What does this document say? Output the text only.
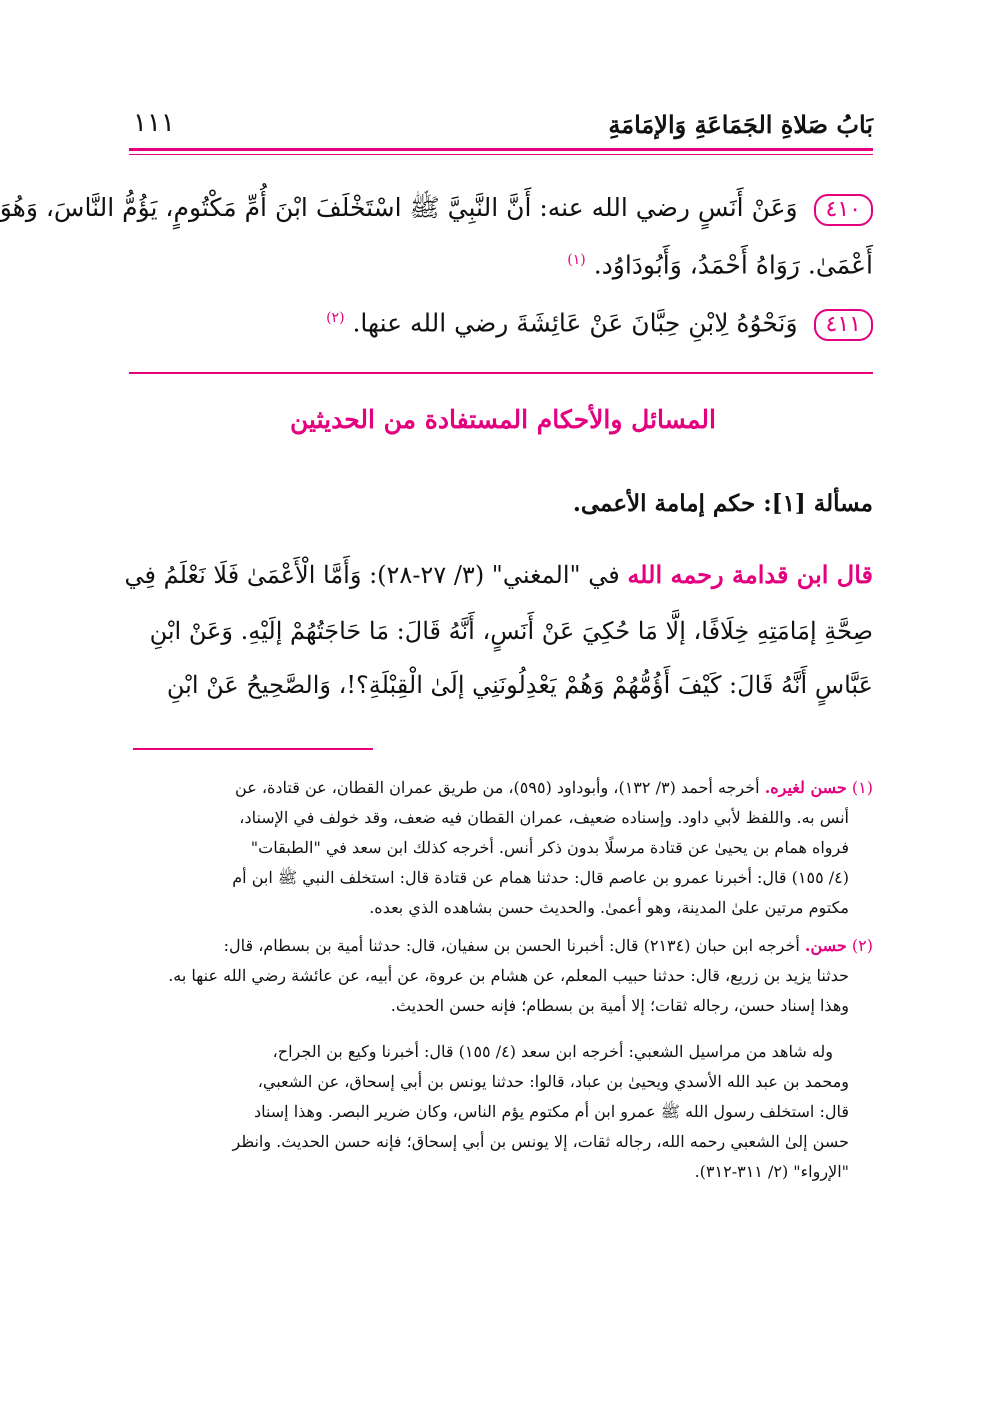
بَابُ صَلاةِ الجَمَاعَةِ وَالإمَامَةِ
١١١
٤١٠ وَعَنْ أَنَسٍ رضي الله عنه: أَنَّ النَّبِيَّ ﷺ اسْتَخْلَفَ ابْنَ أُمِّ مَكْتُومٍ، يَؤُمُّ النَّاسَ، وَهُوَ
أَعْمَىٰ. رَوَاهُ أَحْمَدُ، وَأَبُودَاوُد. $^{(١)}$
٤١١ وَنَحْوُهُ لِابْنِ حِبَّانَ عَنْ عَائِشَةَ رضي الله عنها. $^{(٢)}$
المسائل والأحكام المستفادة من الحديثين
مسألة [١]: حكم إمامة الأعمى.
قال ابن قدامة رحمه الله في "المغني" (٣/ ٢٧-٢٨): وَأَمَّا الْأَعْمَىٰ فَلَا نَعْلَمُ فِي
صِحَّةِ إمَامَتِهِ خِلَافًا، إلَّا مَا حُكِيَ عَنْ أَنَسٍ، أَنَّهُ قَالَ: مَا حَاجَتُهُمْ إلَيْهِ. وَعَنْ ابْنِ
عَبَّاسٍ أَنَّهُ قَالَ: كَيْفَ أَؤُمُّهُمْ وَهُمْ يَعْدِلُونَنِي إلَىٰ الْقِبْلَةِ؟!، وَالصَّحِيحُ عَنْ ابْنِ
(١) حسن لغيره. أخرجه أحمد (٣/ ١٣٢)، وأبوداود (٥٩٥)، من طريق عمران القطان، عن قتادة، عن
أنس به. واللفظ لأبي داود. وإسناده ضعيف، عمران القطان فيه ضعف، وقد خولف في الإسناد،
فرواه همام بن يحيىٰ عن قتادة مرسلًا بدون ذكر أنس. أخرجه كذلك ابن سعد في "الطبقات"
(٤/ ١٥٥) قال: أخبرنا عمرو بن عاصم قال: حدثنا همام عن قتادة قال: استخلف النبي ﷺ ابن أم
مكتوم مرتين علىٰ المدينة، وهو أعمىٰ. والحديث حسن بشاهده الذي بعده.
(٢) حسن. أخرجه ابن حبان (٢١٣٤) قال: أخبرنا الحسن بن سفيان، قال: حدثنا أمية بن بسطام، قال:
حدثنا يزيد بن زريع، قال: حدثنا حبيب المعلم، عن هشام بن عروة، عن أبيه، عن عائشة رضي الله عنها به.
وهذا إسناد حسن، رجاله ثقات؛ إلا أمية بن بسطام؛ فإنه حسن الحديث.
وله شاهد من مراسيل الشعبي: أخرجه ابن سعد (٤/ ١٥٥) قال: أخبرنا وكيع بن الجراح،
ومحمد بن عبد الله الأسدي ويحيىٰ بن عباد، قالوا: حدثنا يونس بن أبي إسحاق، عن الشعبي،
قال: استخلف رسول الله ﷺ عمرو ابن أم مكتوم يؤم الناس، وكان ضرير البصر. وهذا إسناد
حسن إلىٰ الشعبي رحمه الله، رجاله ثقات، إلا يونس بن أبي إسحاق؛ فإنه حسن الحديث. وانظر
"الإرواء" (٢/ ٣١١-٣١٢).
